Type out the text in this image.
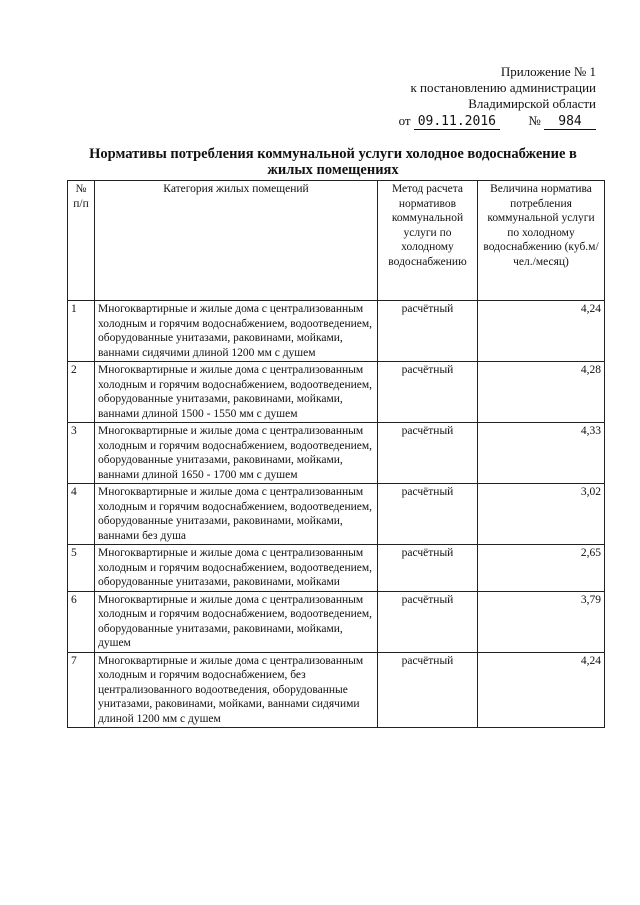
Приложение № 1
к постановлению администрации
Владимирской области
от 09.11.2016 № 984
Нормативы потребления коммунальной услуги холодное водоснабжение в жилых помещениях
№ п/п	Категория жилых помещений	Метод расчета нормативов коммунальной услуги по холодному водоснабжению	Величина норматива потребления коммунальной услуги по холодному водоснабжению (куб.м/чел./месяц)
1	Многоквартирные и жилые дома с централизованным холодным и горячим водоснабжением, водоотведением, оборудованные унитазами, раковинами, мойками, ваннами сидячими длиной 1200 мм с душем	расчётный	4,24
2	Многоквартирные и жилые дома с централизованным холодным и горячим водоснабжением, водоотведением, оборудованные унитазами, раковинами, мойками, ваннами длиной 1500 - 1550 мм с душем	расчётный	4,28
3	Многоквартирные и жилые дома с централизованным холодным и горячим водоснабжением, водоотведением, оборудованные унитазами, раковинами, мойками, ваннами длиной 1650 - 1700 мм с душем	расчётный	4,33
4	Многоквартирные и жилые дома с централизованным холодным и горячим водоснабжением, водоотведением, оборудованные унитазами, раковинами, мойками, ваннами без душа	расчётный	3,02
5	Многоквартирные и жилые дома с централизованным холодным и горячим водоснабжением, водоотведением, оборудованные унитазами, раковинами, мойками	расчётный	2,65
6	Многоквартирные и жилые дома с централизованным холодным и горячим водоснабжением, водоотведением, оборудованные унитазами, раковинами, мойками, душем	расчётный	3,79
7	Многоквартирные и жилые дома с централизованным холодным и горячим водоснабжением, без централизованного водоотведения, оборудованные унитазами, раковинами, мойками, ваннами сидячими длиной 1200 мм с душем	расчётный	4,24
